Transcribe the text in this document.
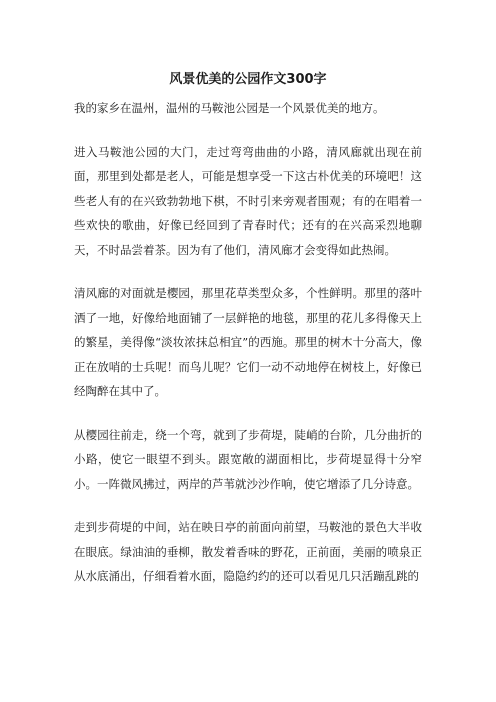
风景优美的公园作文300字

我的家乡在温州，温州的马鞍池公园是一个风景优美的地方。

进入马鞍池公园的大门，走过弯弯曲曲的小路，清风廊就出现在前面，那里到处都是老人，可能是想享受一下这古朴优美的环境吧！这些老人有的在兴致勃勃地下棋，不时引来旁观者围观；有的在唱着一些欢快的歌曲，好像已经回到了青春时代；还有的在兴高采烈地聊天，不时品尝着茶。因为有了他们，清风廊才会变得如此热闹。

清风廊的对面就是樱园，那里花草类型众多，个性鲜明。那里的落叶洒了一地，好像给地面铺了一层鲜艳的地毯，那里的花儿多得像天上的繁星，美得像“淡妆浓抹总相宜”的西施。那里的树木十分高大，像正在放哨的士兵呢！而鸟儿呢？它们一动不动地停在树枝上，好像已经陶醉在其中了。

从樱园往前走，绕一个弯，就到了步荷堤，陡峭的台阶，几分曲折的小路，使它一眼望不到头。跟宽敞的湖面相比，步荷堤显得十分窄小。一阵微风拂过，两岸的芦苇就沙沙作响，使它增添了几分诗意。

走到步荷堤的中间，站在映日亭的前面向前望，马鞍池的景色大半收在眼底。绿油油的垂柳，散发着香味的野花，正前面，美丽的喷泉正从水底涌出，仔细看着水面，隐隐约约的还可以看见几只活蹦乱跳的
